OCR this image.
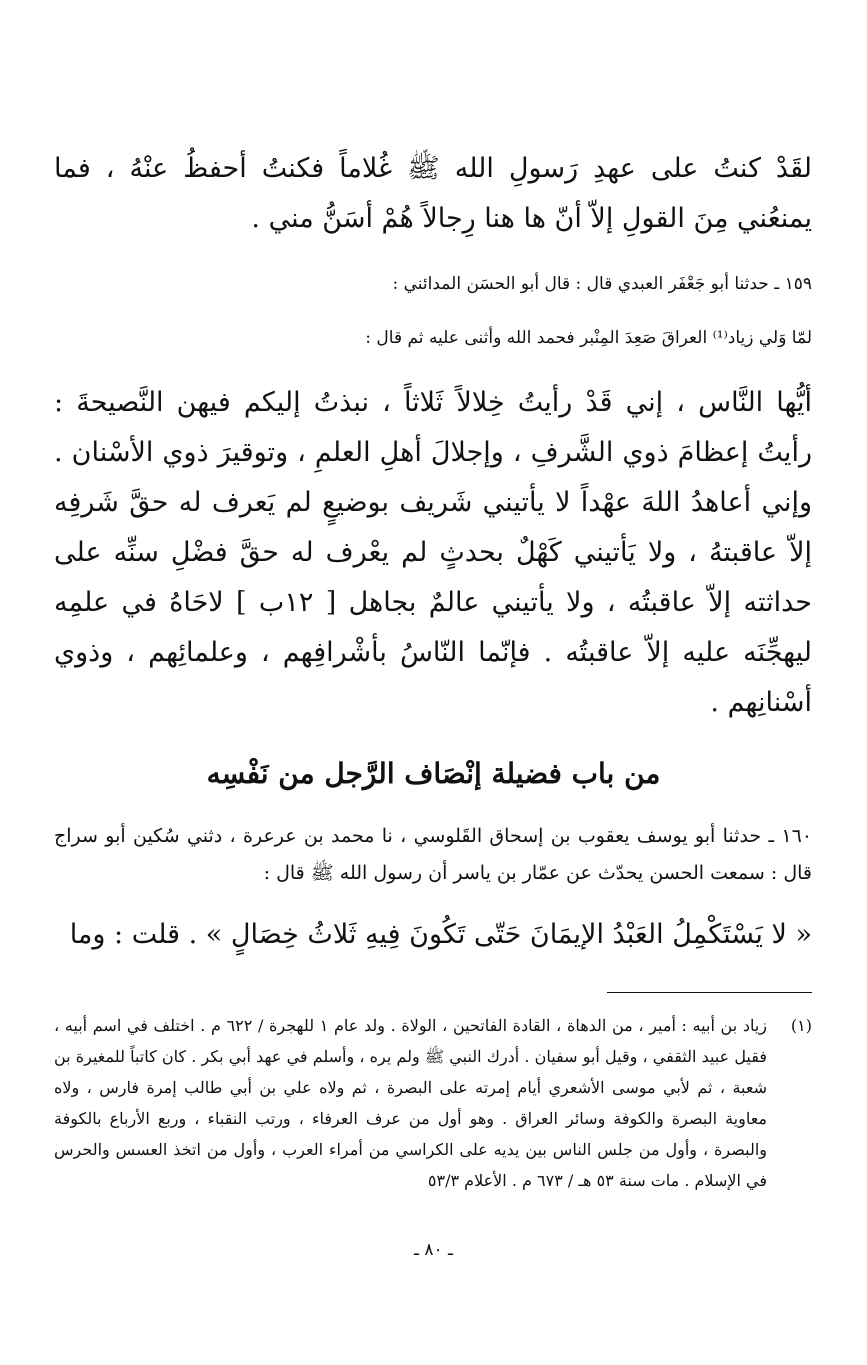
لقَدْ كنتُ على عهدِ رَسولِ الله ﷺ غُلاماً فكنتُ أحفظُ عنْهُ ، فما يمنعُني مِنَ القولِ إلاّ أنّ ها هنا رِجالاً هُمْ أسَنُّ مني .
١٥٩ ـ حدثنا أبو جَعْفَر العبدي قال : قال أبو الحسَن المدائني :
لمّا وَلي زياد⁽¹⁾ العراقَ صَعِدَ المِنْبر فحمد الله وأثنى عليه ثم قال :
أيُّها النَّاس ، إني قَدْ رأيتُ خِلالاً ثَلاثاً ، نبذتُ إليكم فيهن النَّصيحةَ : رأيتُ إعظامَ ذوي الشَّرفِ ، وإجلالَ أهلِ العلمِ ، وتوقيرَ ذوي الأسْنان . وإني أعاهدُ اللهَ عهْداً لا يأتيني شَريف بوضيعٍ لم يَعرف له حقَّ شَرفِه إلاّ عاقبتهُ ، ولا يَأتيني كَهْلٌ بحدثٍ لم يعْرف له حقَّ فضْلِ سنِّه على حداثته إلاّ عاقبتُه ، ولا يأتيني عالمٌ بجاهل [ ١٢ب ] لاحَاهُ في علمِه ليهجِّنَه عليه إلاّ عاقبتُه . فإنّما النّاسُ بأشْرافِهم ، وعلمائِهم ، وذوي أسْنانِهم .
من باب فضيلة إنْصَاف الرَّجل من نَفْسِه
١٦٠ ـ حدثنا أبو يوسف يعقوب بن إسحاق القَلوسي ، نا محمد بن عرعرة ، دثني سُكين أبو سراج قال : سمعت الحسن يحدّث عن عمّار بن ياسر أن رسول الله ﷺ قال :
« لا يَسْتَكْمِلُ العَبْدُ الإيمَانَ حَتّى تَكُونَ فِيهِ ثَلاثُ خِصَالٍ » . قلت : وما
(١)
زياد بن أبيه : أمير ، من الدهاة ، القادة الفاتحين ، الولاة . ولد عام ١ للهجرة / ٦٢٢ م . اختلف في اسم أبيه ، فقيل عبيد الثقفي ، وقيل أبو سفيان . أدرك النبي ﷺ ولم يره ، وأسلم في عهد أبي بكر . كان كاتباً للمغيرة بن شعبة ، ثم لأبي موسى الأشعري أيام إمرته على البصرة ، ثم ولاه علي بن أبي طالب إمرة فارس ، ولاه معاوية البصرة والكوفة وسائر العراق . وهو أول من عرف العرفاء ، ورتب النقباء ، وربع الأرباع بالكوفة والبصرة ، وأول من جلس الناس بين يديه على الكراسي من أمراء العرب ، وأول من اتخذ العسس والحرس في الإسلام . مات سنة ٥٣ هـ / ٦٧٣ م . الأعلام ٥٣/٣
ـ ٨٠ ـ
